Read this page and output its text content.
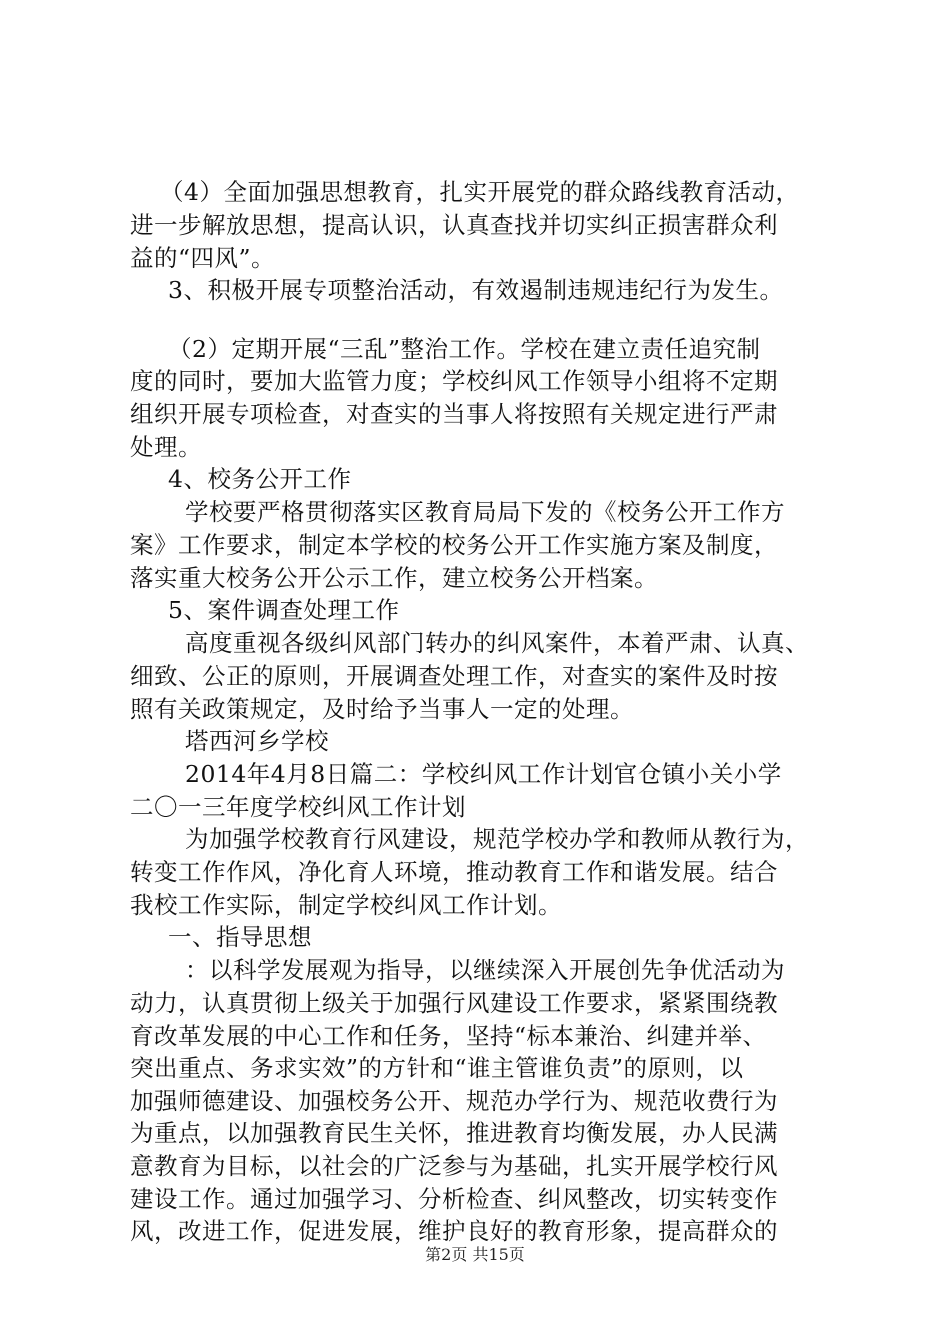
（4）全面加强思想教育，扎实开展党的群众路线教育活动，
进一步解放思想，提高认识，认真查找并切实纠正损害群众利
益的“四风”。
3、积极开展专项整治活动，有效遏制违规违纪行为发生。
（2）定期开展“三乱”整治工作。学校在建立责任追究制
度的同时，要加大监管力度；学校纠风工作领导小组将不定期
组织开展专项检查，对查实的当事人将按照有关规定进行严肃
处理。
4、校务公开工作
学校要严格贯彻落实区教育局局下发的《校务公开工作方
案》工作要求，制定本学校的校务公开工作实施方案及制度，
落实重大校务公开公示工作，建立校务公开档案。
5、案件调查处理工作
高度重视各级纠风部门转办的纠风案件，本着严肃、认真、
细致、公正的原则，开展调查处理工作，对查实的案件及时按
照有关政策规定，及时给予当事人一定的处理。
塔西河乡学校
2014年4月8日篇二：学校纠风工作计划官仓镇小关小学
二〇一三年度学校纠风工作计划
为加强学校教育行风建设，规范学校办学和教师从教行为，
转变工作作风，净化育人环境，推动教育工作和谐发展。结合
我校工作实际，制定学校纠风工作计划。
一、指导思想
：以科学发展观为指导，以继续深入开展创先争优活动为
动力，认真贯彻上级关于加强行风建设工作要求，紧紧围绕教
育改革发展的中心工作和任务，坚持“标本兼治、纠建并举、
突出重点、务求实效”的方针和“谁主管谁负责”的原则，以
加强师德建设、加强校务公开、规范办学行为、规范收费行为
为重点，以加强教育民生关怀，推进教育均衡发展，办人民满
意教育为目标，以社会的广泛参与为基础，扎实开展学校行风
建设工作。通过加强学习、分析检查、纠风整改，切实转变作
风，改进工作，促进发展，维护良好的教育形象，提高群众的
第2页 共15页
